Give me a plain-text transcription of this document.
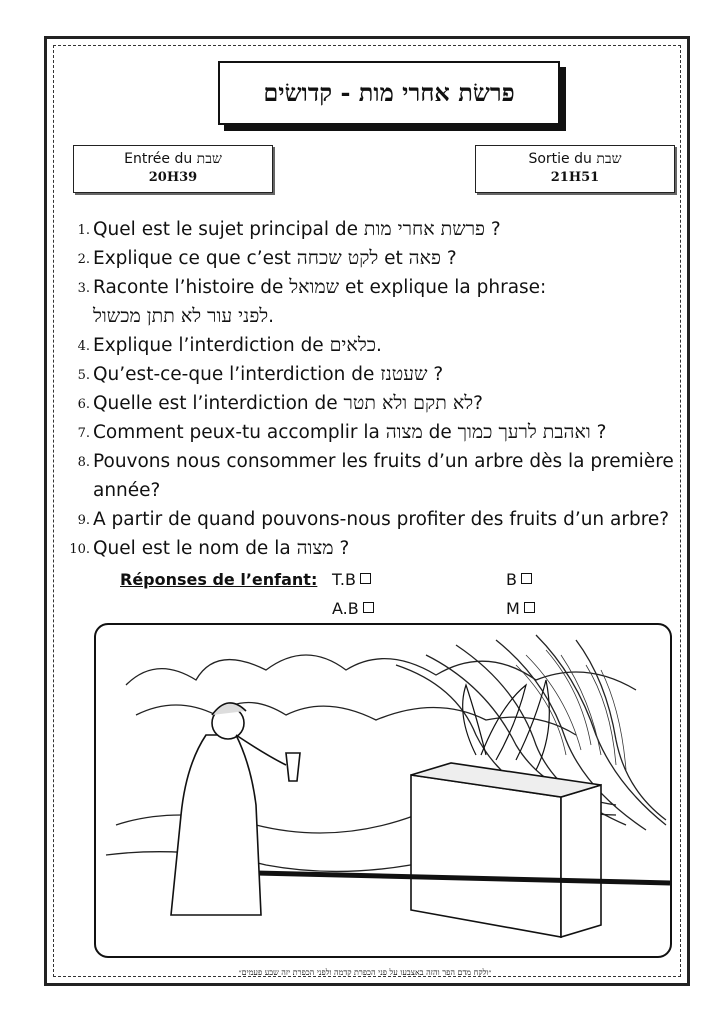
פרשׂת אחרי מות - קדושׂים
Entrée du שבת
20H39
Sortie du שבת
21H51
1. Quel est le sujet principal de פרשת אחרי מות ?
2. Explique ce que c’est לקט שכחה et פאה ?
3. Raconte l’histoire de שמואל et explique la phrase:
לפני עור לא תתן מכשול.
4. Explique l’interdiction de כלאים.
5. Qu’est-ce-que l’interdiction de שעטנז ?
6. Quelle est l’interdiction de לא תקם ולא תטר?
7. Comment peux-tu accomplir la מצוה de ואהבת לרעך כמוך ?
8. Pouvons nous consommer les fruits d’un arbre dès la première
année?
9. A partir de quand pouvons-nous profiter des fruits d’un arbre?
10. Quel est le nom de la מצוה ?
Réponses de l’enfant: T.B	B
A.B	M
״ולקח מדם הפר והזה באצבעו על פני הכפרת קדמה ולפני הכפרת יזה שבע פעמים״
